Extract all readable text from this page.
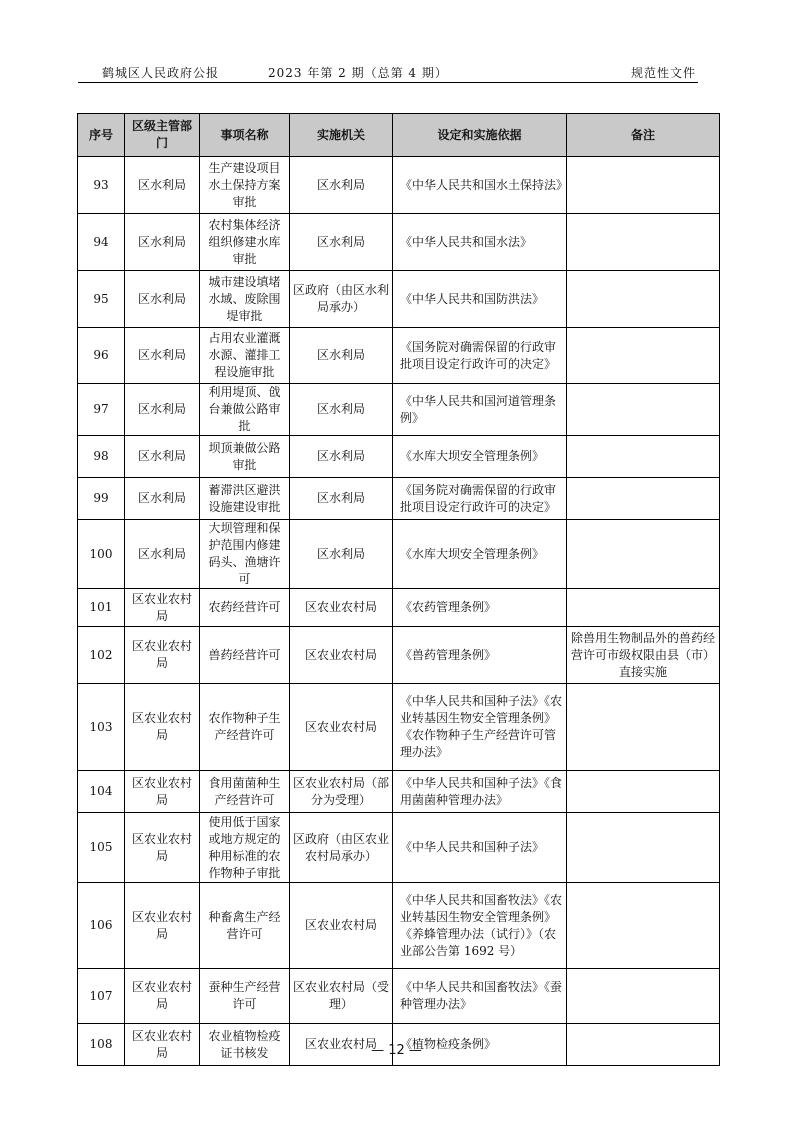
鹤城区人民政府公报	2023 年第 2 期（总第 4 期）	规范性文件
序号	区级主管部门	事项名称	实施机关	设定和实施依据	备注
93	区水利局	生产建设项目水土保持方案审批	区水利局	《中华人民共和国水土保持法》	
94	区水利局	农村集体经济组织修建水库审批	区水利局	《中华人民共和国水法》	
95	区水利局	城市建设填堵水域、废除围堤审批	区政府（由区水利局承办）	《中华人民共和国防洪法》	
96	区水利局	占用农业灌溉水源、灌排工程设施审批	区水利局	《国务院对确需保留的行政审批项目设定行政许可的决定》	
97	区水利局	利用堤顶、戗台兼做公路审批	区水利局	《中华人民共和国河道管理条例》	
98	区水利局	坝顶兼做公路审批	区水利局	《水库大坝安全管理条例》	
99	区水利局	蓄滞洪区避洪设施建设审批	区水利局	《国务院对确需保留的行政审批项目设定行政许可的决定》	
100	区水利局	大坝管理和保护范围内修建码头、渔塘许可	区水利局	《水库大坝安全管理条例》	
101	区农业农村局	农药经营许可	区农业农村局	《农药管理条例》	
102	区农业农村局	兽药经营许可	区农业农村局	《兽药管理条例》	除兽用生物制品外的兽药经营许可市级权限由县（市）直接实施
103	区农业农村局	农作物种子生产经营许可	区农业农村局	《中华人民共和国种子法》《农业转基因生物安全管理条例》《农作物种子生产经营许可管理办法》	
104	区农业农村局	食用菌菌种生产经营许可	区农业农村局（部分为受理）	《中华人民共和国种子法》《食用菌菌种管理办法》	
105	区农业农村局	使用低于国家或地方规定的种用标准的农作物种子审批	区政府（由区农业农村局承办）	《中华人民共和国种子法》	
106	区农业农村局	种畜禽生产经营许可	区农业农村局	《中华人民共和国畜牧法》《农业转基因生物安全管理条例》《养蜂管理办法（试行）》（农业部公告第 1692 号）	
107	区农业农村局	蚕种生产经营许可	区农业农村局（受理）	《中华人民共和国畜牧法》《蚕种管理办法》	
108	区农业农村局	农业植物检疫证书核发	区农业农村局	《植物检疫条例》	
— 12 —
